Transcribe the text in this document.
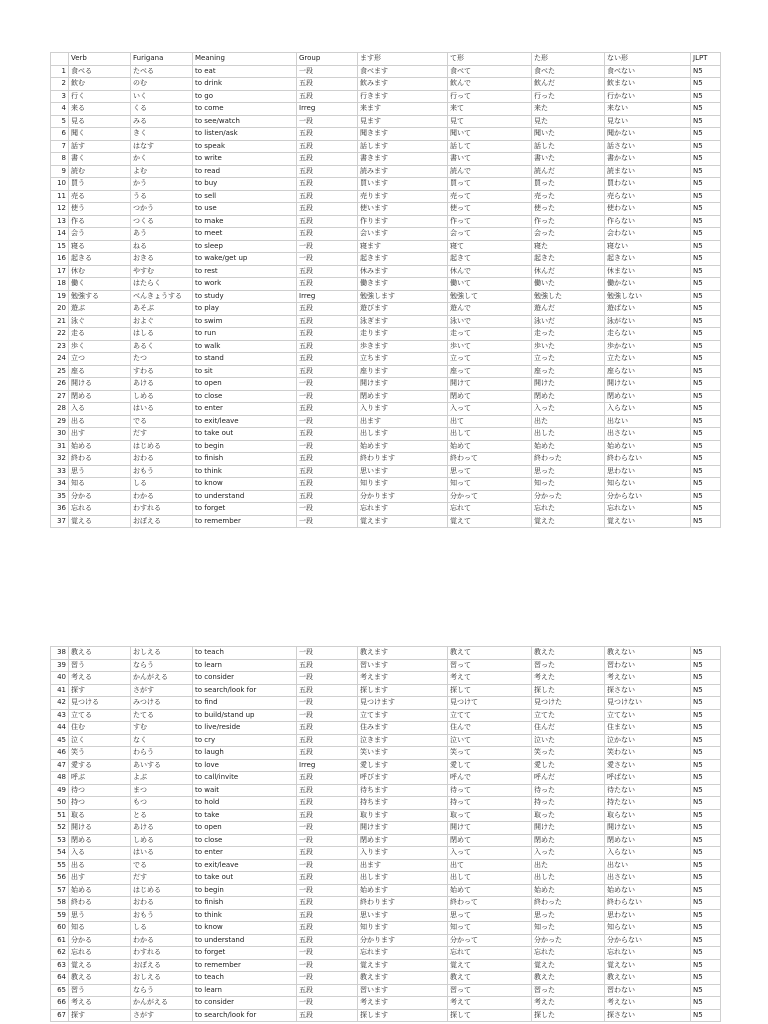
	Verb	Furigana	Meaning	Group	ます形	て形	た形	ない形	JLPT
1	食べる	たべる	to eat	一段	食べます	食べて	食べた	食べない	N5
2	飲む	のむ	to drink	五段	飲みます	飲んで	飲んだ	飲まない	N5
3	行く	いく	to go	五段	行きます	行って	行った	行かない	N5
4	来る	くる	to come	Irreg	来ます	来て	来た	来ない	N5
5	見る	みる	to see/watch	一段	見ます	見て	見た	見ない	N5
6	聞く	きく	to listen/ask	五段	聞きます	聞いて	聞いた	聞かない	N5
7	話す	はなす	to speak	五段	話します	話して	話した	話さない	N5
8	書く	かく	to write	五段	書きます	書いて	書いた	書かない	N5
9	読む	よむ	to read	五段	読みます	読んで	読んだ	読まない	N5
10	買う	かう	to buy	五段	買います	買って	買った	買わない	N5
11	売る	うる	to sell	五段	売ります	売って	売った	売らない	N5
12	使う	つかう	to use	五段	使います	使って	使った	使わない	N5
13	作る	つくる	to make	五段	作ります	作って	作った	作らない	N5
14	会う	あう	to meet	五段	会います	会って	会った	会わない	N5
15	寝る	ねる	to sleep	一段	寝ます	寝て	寝た	寝ない	N5
16	起きる	おきる	to wake/get up	一段	起きます	起きて	起きた	起きない	N5
17	休む	やすむ	to rest	五段	休みます	休んで	休んだ	休まない	N5
18	働く	はたらく	to work	五段	働きます	働いて	働いた	働かない	N5
19	勉強する	べんきょうする	to study	Irreg	勉強します	勉強して	勉強した	勉強しない	N5
20	遊ぶ	あそぶ	to play	五段	遊びます	遊んで	遊んだ	遊ばない	N5
21	泳ぐ	およぐ	to swim	五段	泳ぎます	泳いで	泳いだ	泳がない	N5
22	走る	はしる	to run	五段	走ります	走って	走った	走らない	N5
23	歩く	あるく	to walk	五段	歩きます	歩いて	歩いた	歩かない	N5
24	立つ	たつ	to stand	五段	立ちます	立って	立った	立たない	N5
25	座る	すわる	to sit	五段	座ります	座って	座った	座らない	N5
26	開ける	あける	to open	一段	開けます	開けて	開けた	開けない	N5
27	閉める	しめる	to close	一段	閉めます	閉めて	閉めた	閉めない	N5
28	入る	はいる	to enter	五段	入ります	入って	入った	入らない	N5
29	出る	でる	to exit/leave	一段	出ます	出て	出た	出ない	N5
30	出す	だす	to take out	五段	出します	出して	出した	出さない	N5
31	始める	はじめる	to begin	一段	始めます	始めて	始めた	始めない	N5
32	終わる	おわる	to finish	五段	終わります	終わって	終わった	終わらない	N5
33	思う	おもう	to think	五段	思います	思って	思った	思わない	N5
34	知る	しる	to know	五段	知ります	知って	知った	知らない	N5
35	分かる	わかる	to understand	五段	分かります	分かって	分かった	分からない	N5
36	忘れる	わすれる	to forget	一段	忘れます	忘れて	忘れた	忘れない	N5
37	覚える	おぼえる	to remember	一段	覚えます	覚えて	覚えた	覚えない	N5
38	教える	おしえる	to teach	一段	教えます	教えて	教えた	教えない	N5
39	習う	ならう	to learn	五段	習います	習って	習った	習わない	N5
40	考える	かんがえる	to consider	一段	考えます	考えて	考えた	考えない	N5
41	探す	さがす	to search/look for	五段	探します	探して	探した	探さない	N5
42	見つける	みつける	to find	一段	見つけます	見つけて	見つけた	見つけない	N5
43	立てる	たてる	to build/stand up	一段	立てます	立てて	立てた	立てない	N5
44	住む	すむ	to live/reside	五段	住みます	住んで	住んだ	住まない	N5
45	泣く	なく	to cry	五段	泣きます	泣いて	泣いた	泣かない	N5
46	笑う	わらう	to laugh	五段	笑います	笑って	笑った	笑わない	N5
47	愛する	あいする	to love	Irreg	愛します	愛して	愛した	愛さない	N5
48	呼ぶ	よぶ	to call/invite	五段	呼びます	呼んで	呼んだ	呼ばない	N5
49	待つ	まつ	to wait	五段	待ちます	待って	待った	待たない	N5
50	持つ	もつ	to hold	五段	持ちます	持って	持った	持たない	N5
51	取る	とる	to take	五段	取ります	取って	取った	取らない	N5
52	開ける	あける	to open	一段	開けます	開けて	開けた	開けない	N5
53	閉める	しめる	to close	一段	閉めます	閉めて	閉めた	閉めない	N5
54	入る	はいる	to enter	五段	入ります	入って	入った	入らない	N5
55	出る	でる	to exit/leave	一段	出ます	出て	出た	出ない	N5
56	出す	だす	to take out	五段	出します	出して	出した	出さない	N5
57	始める	はじめる	to begin	一段	始めます	始めて	始めた	始めない	N5
58	終わる	おわる	to finish	五段	終わります	終わって	終わった	終わらない	N5
59	思う	おもう	to think	五段	思います	思って	思った	思わない	N5
60	知る	しる	to know	五段	知ります	知って	知った	知らない	N5
61	分かる	わかる	to understand	五段	分かります	分かって	分かった	分からない	N5
62	忘れる	わすれる	to forget	一段	忘れます	忘れて	忘れた	忘れない	N5
63	覚える	おぼえる	to remember	一段	覚えます	覚えて	覚えた	覚えない	N5
64	教える	おしえる	to teach	一段	教えます	教えて	教えた	教えない	N5
65	習う	ならう	to learn	五段	習います	習って	習った	習わない	N5
66	考える	かんがえる	to consider	一段	考えます	考えて	考えた	考えない	N5
67	探す	さがす	to search/look for	五段	探します	探して	探した	探さない	N5
